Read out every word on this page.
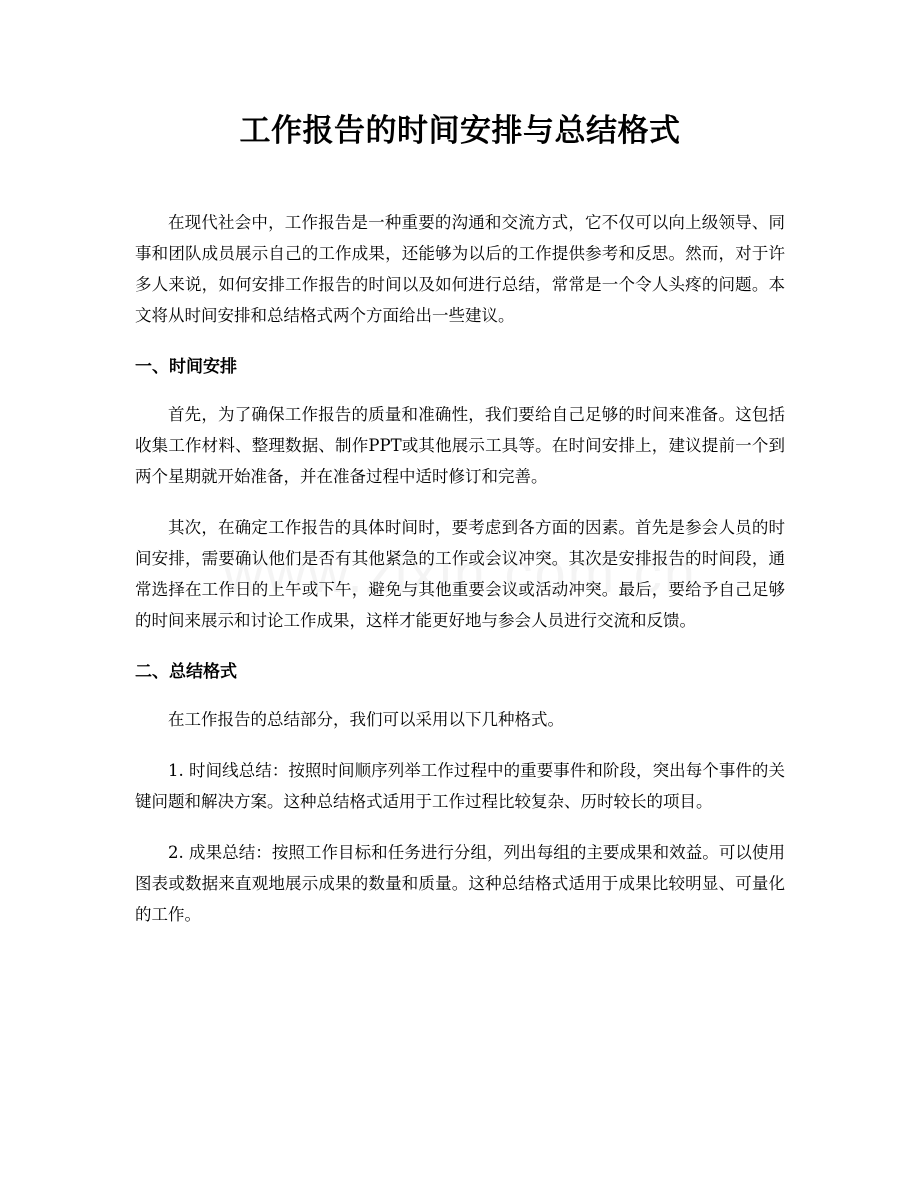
工作报告的时间安排与总结格式

在现代社会中，工作报告是一种重要的沟通和交流方式，它不仅可以向上级领导、同事和团队成员展示自己的工作成果，还能够为以后的工作提供参考和反思。然而，对于许多人来说，如何安排工作报告的时间以及如何进行总结，常常是一个令人头疼的问题。本文将从时间安排和总结格式两个方面给出一些建议。

一、时间安排

首先，为了确保工作报告的质量和准确性，我们要给自己足够的时间来准备。这包括收集工作材料、整理数据、制作PPT或其他展示工具等。在时间安排上，建议提前一个到两个星期就开始准备，并在准备过程中适时修订和完善。

其次，在确定工作报告的具体时间时，要考虑到各方面的因素。首先是参会人员的时间安排，需要确认他们是否有其他紧急的工作或会议冲突。其次是安排报告的时间段，通常选择在工作日的上午或下午，避免与其他重要会议或活动冲突。最后，要给予自己足够的时间来展示和讨论工作成果，这样才能更好地与参会人员进行交流和反馈。

二、总结格式

在工作报告的总结部分，我们可以采用以下几种格式。

1. 时间线总结：按照时间顺序列举工作过程中的重要事件和阶段，突出每个事件的关键问题和解决方案。这种总结格式适用于工作过程比较复杂、历时较长的项目。

2. 成果总结：按照工作目标和任务进行分组，列出每组的主要成果和效益。可以使用图表或数据来直观地展示成果的数量和质量。这种总结格式适用于成果比较明显、可量化的工作。
